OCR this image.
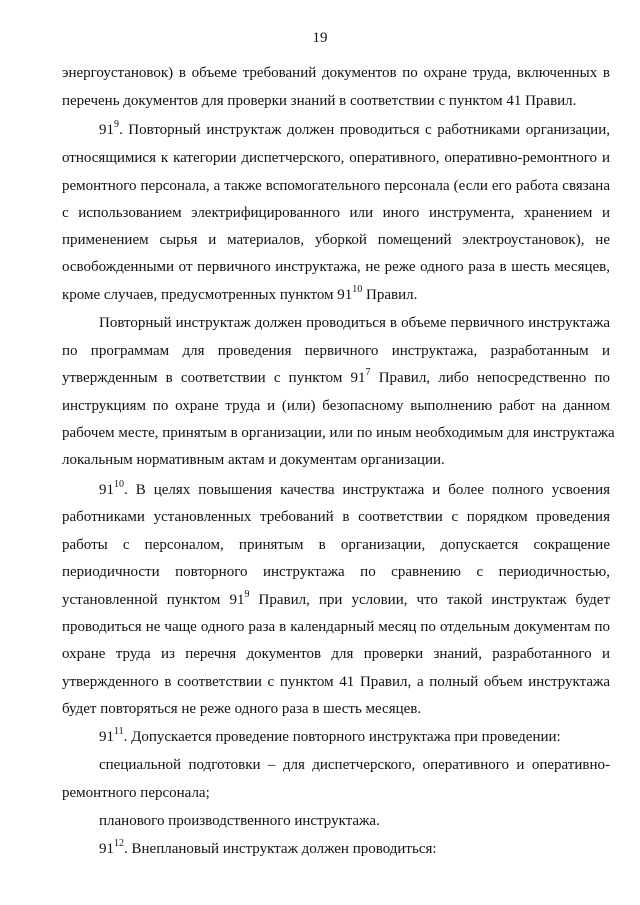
19
энергоустановок) в объеме требований документов по охране труда, включенных в
перечень документов для проверки знаний в соответствии с пунктом 41 Правил.
$91^9$. Повторный инструктаж должен проводиться с работниками организации,
относящимися к категории диспетчерского, оперативного, оперативно-ремонтного и
ремонтного персонала, а также вспомогательного персонала (если его работа связана
с использованием электрифицированного или иного инструмента, хранением и
применением сырья и материалов, уборкой помещений электроустановок), не
освобожденными от первичного инструктажа, не реже одного раза в шесть месяцев,
кроме случаев, предусмотренных пунктом $91^{10}$ Правил.
Повторный инструктаж должен проводиться в объеме первичного инструктажа
по программам для проведения первичного инструктажа, разработанным и
утвержденным в соответствии с пунктом $91^7$ Правил, либо непосредственно по
инструкциям по охране труда и (или) безопасному выполнению работ на данном
рабочем месте, принятым в организации, или по иным необходимым для инструктажа
локальным нормативным актам и документам организации.
$91^{10}$. В целях повышения качества инструктажа и более полного усвоения
работниками установленных требований в соответствии с порядком проведения
работы с персоналом, принятым в организации, допускается сокращение
периодичности повторного инструктажа по сравнению с периодичностью,
установленной пунктом $91^9$ Правил, при условии, что такой инструктаж будет
проводиться не чаще одного раза в календарный месяц по отдельным документам по
охране труда из перечня документов для проверки знаний, разработанного и
утвержденного в соответствии с пунктом 41 Правил, а полный объем инструктажа
будет повторяться не реже одного раза в шесть месяцев.
$91^{11}$. Допускается проведение повторного инструктажа при проведении:
специальной подготовки – для диспетчерского, оперативного и оперативно-
ремонтного персонала;
планового производственного инструктажа.
$91^{12}$. Внеплановый инструктаж должен проводиться:
